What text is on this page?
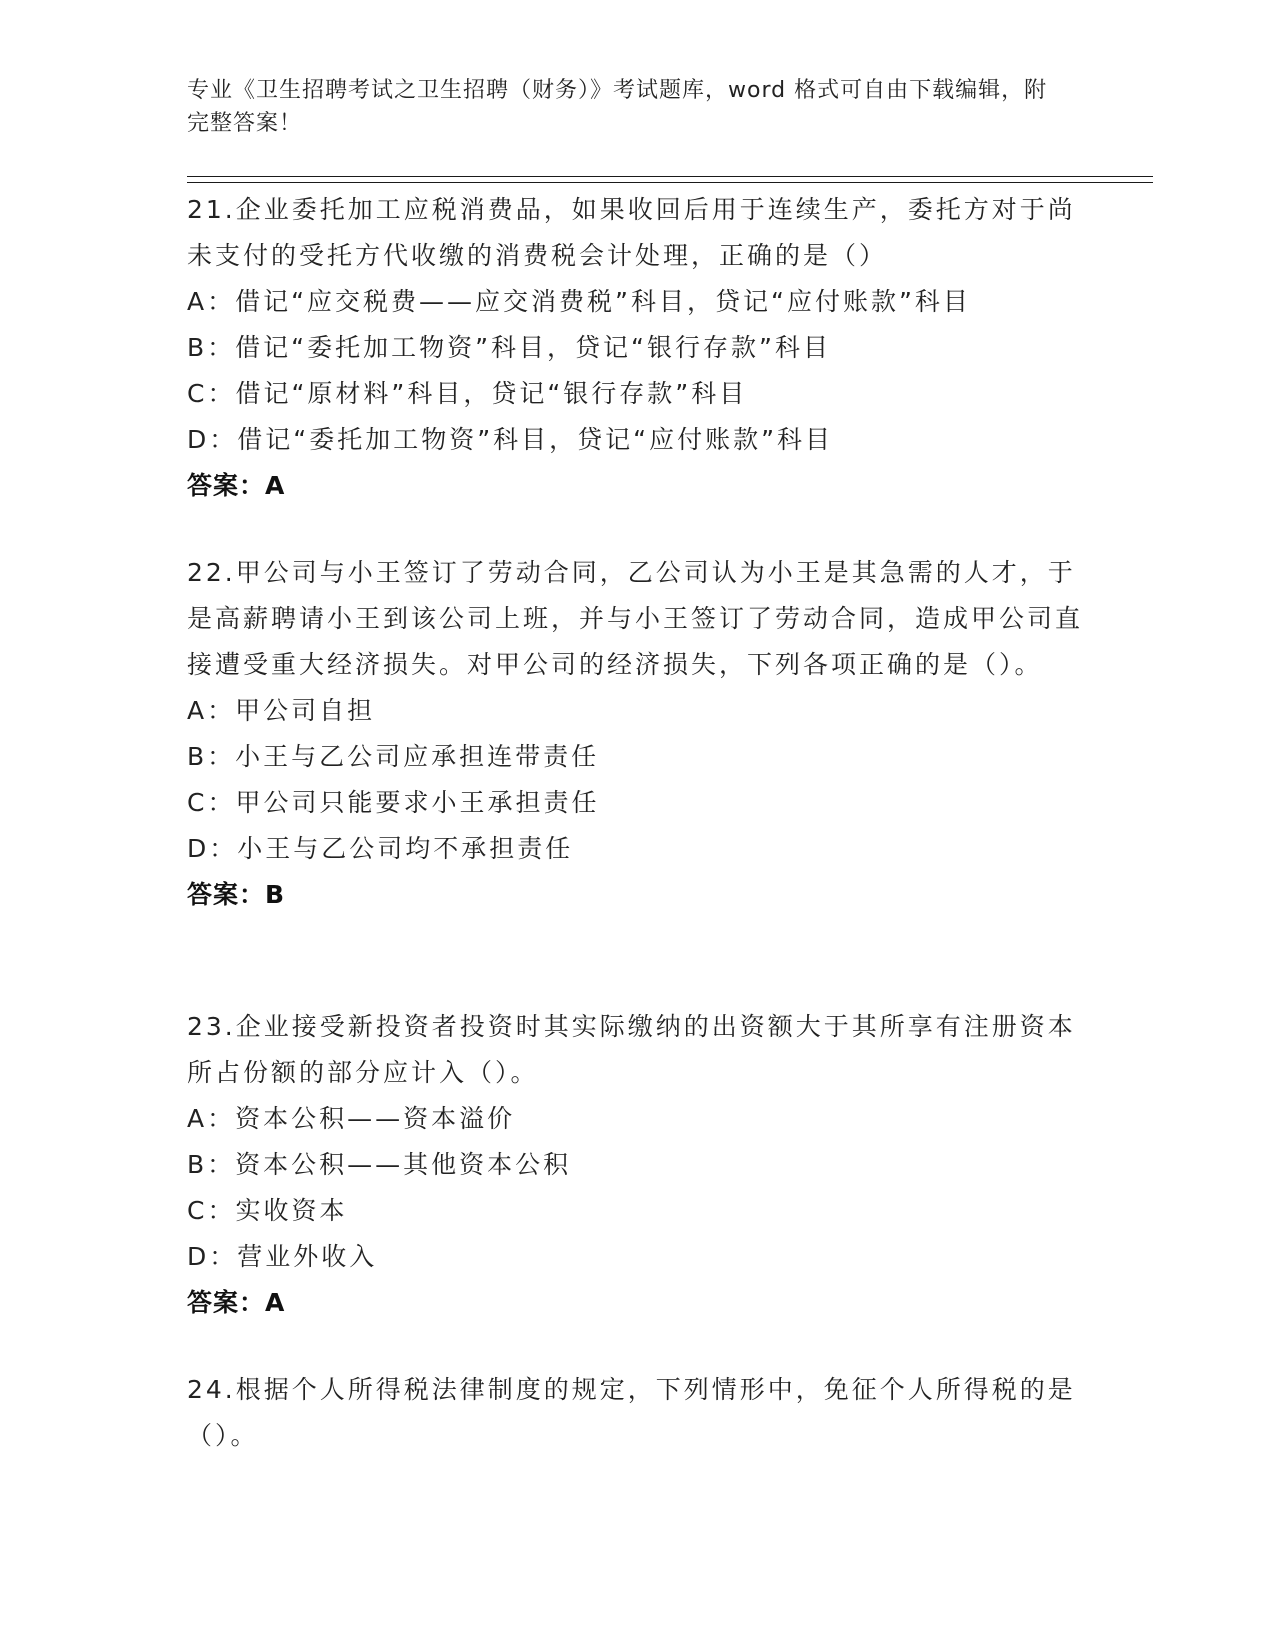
专业《卫生招聘考试之卫生招聘（财务）》考试题库，word 格式可自由下载编辑，附完整答案！

21.企业委托加工应税消费品，如果收回后用于连续生产，委托方对于尚未支付的受托方代收缴的消费税会计处理，正确的是（）

A：借记“应交税费——应交消费税”科目，贷记“应付账款”科目

B：借记“委托加工物资”科目，贷记“银行存款”科目

C：借记“原材料”科目，贷记“银行存款”科目

D：借记“委托加工物资”科目，贷记“应付账款”科目

答案：A

22.甲公司与小王签订了劳动合同，乙公司认为小王是其急需的人才，于是高薪聘请小王到该公司上班，并与小王签订了劳动合同，造成甲公司直接遭受重大经济损失。对甲公司的经济损失，下列各项正确的是（）。

A：甲公司自担

B：小王与乙公司应承担连带责任

C：甲公司只能要求小王承担责任

D：小王与乙公司均不承担责任

答案：B

23.企业接受新投资者投资时其实际缴纳的出资额大于其所享有注册资本所占份额的部分应计入（）。

A：资本公积——资本溢价

B：资本公积——其他资本公积

C：实收资本

D：营业外收入

答案：A

24.根据个人所得税法律制度的规定，下列情形中，免征个人所得税的是（）。
